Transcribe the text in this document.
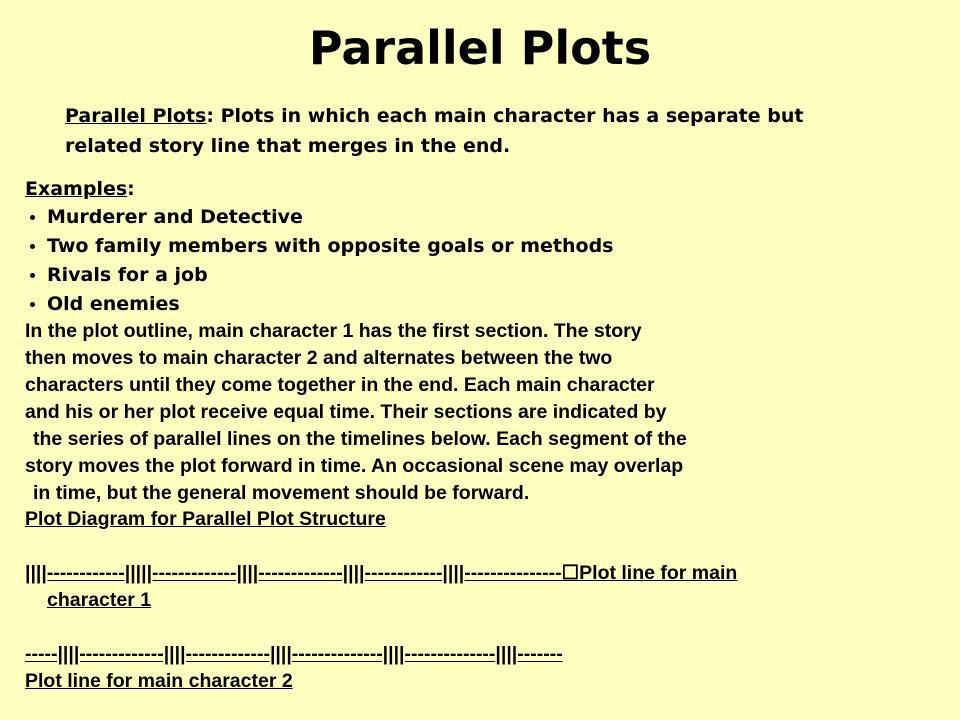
Parallel Plots
Parallel Plots: Plots in which each main character has a separate but
related story line that merges in the end.
Examples:
Murderer and Detective
Two family members with opposite goals or methods
Rivals for a job
Old enemies
In the plot outline, main character 1 has the first section. The story
then moves to main character 2 and alternates between the two
characters until they come together in the end. Each main character
and his or her plot receive equal time. Their sections are indicated by
the series of parallel lines on the timelines below. Each segment of the
story moves the plot forward in time. An occasional scene may overlap
in time, but the general movement should be forward.
Plot Diagram for Parallel Plot Structure
||||------------|||||-------------||||-------------||||------------||||---------------☐Plot line for main
character 1
-----||||-------------||||-------------||||--------------||||--------------||||-------
Plot line for main character 2
